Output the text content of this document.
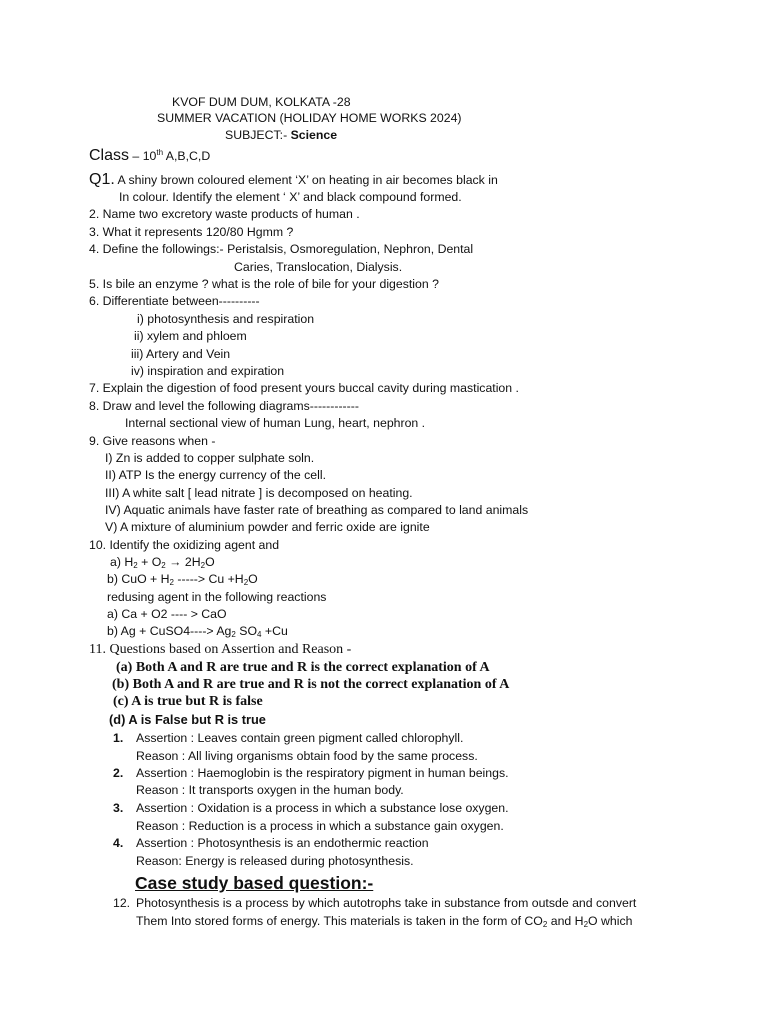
KVOF DUM DUM, KOLKATA -28
SUMMER VACATION (HOLIDAY HOME WORKS 2024)
SUBJECT:- Science
Class – 10th A,B,C,D
Q1. A shiny brown coloured element ‘X’ on heating in air becomes black in
In colour. Identify the element ‘ X’ and black compound formed.
2. Name two excretory waste products of human .
3. What it represents 120/80 Hgmm ?
4. Define the followings:- Peristalsis, Osmoregulation, Nephron, Dental
Caries, Translocation, Dialysis.
5. Is bile an enzyme ? what is the role of bile for your digestion ?
6. Differentiate between----------
i) photosynthesis and respiration
ii) xylem and phloem
iii) Artery and Vein
iv) inspiration and expiration
7. Explain the digestion of food present yours buccal cavity during mastication .
8. Draw and level the following diagrams------------
Internal sectional view of human Lung, heart, nephron .
9. Give reasons when -
I) Zn is added to copper sulphate soln.
II) ATP Is the energy currency of the cell.
III) A white salt [ lead nitrate ] is decomposed on heating.
IV) Aquatic animals have faster rate of breathing as compared to land animals
V) A mixture of aluminium powder and ferric oxide are ignite
10. Identify the oxidizing agent and
a) $H_2 + O_2 \to 2H_2O$
b) CuO + $H_2$ -----> $Cu +H_2O$
redusing agent in the following reactions
a) Ca + O2 ---- > CaO
b) Ag + CuSO4----> $Ag_2$ $SO_4 +Cu$
11. Questions based on Assertion and Reason -
(a) Both A and R are true and R is the correct explanation of A
(b) Both A and R are true and R is not the correct explanation of A
(c) A is true but R is false
(d) A is False but R is true
1. Assertion : Leaves contain green pigment called chlorophyll.
Reason : All living organisms obtain food by the same process.
2. Assertion : Haemoglobin is the respiratory pigment in human beings.
Reason : It transports oxygen in the human body.
3. Assertion : Oxidation is a process in which a substance lose oxygen.
Reason : Reduction is a process in which a substance gain oxygen.
4. Assertion : Photosynthesis is an endothermic reaction
Reason: Energy is released during photosynthesis.
Case study based question:-
12. Photosynthesis is a process by which autotrophs take in substance from outsde and convert
Them Into stored forms of energy. This materials is taken in the form of $CO_2$ and $H_2O$ which
